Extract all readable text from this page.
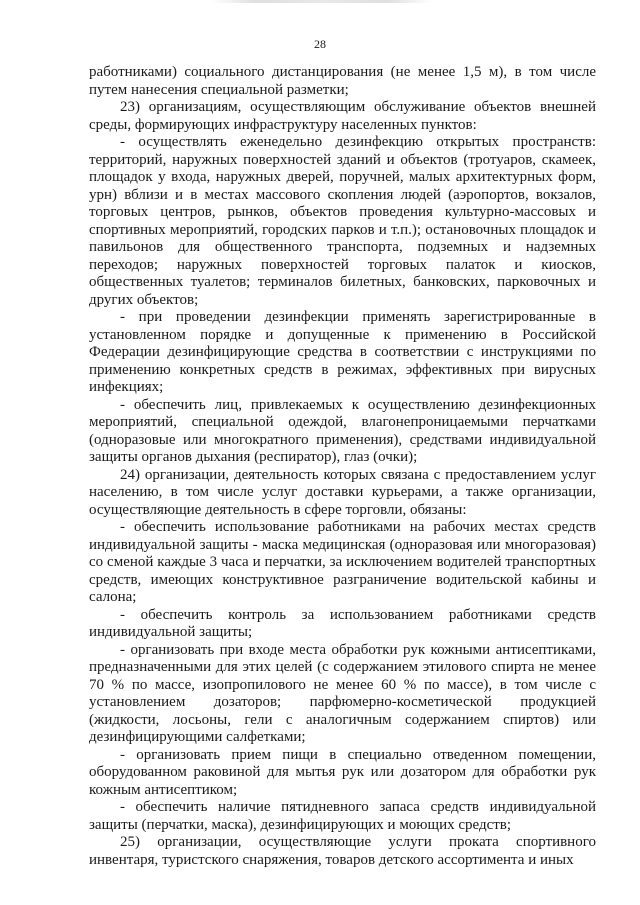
28

работниками) социального дистанцирования (не менее 1,5 м), в том числе путем нанесения специальной разметки;

23) организациям, осуществляющим обслуживание объектов внешней среды, формирующих инфраструктуру населенных пунктов:

- осуществлять еженедельно дезинфекцию открытых пространств: территорий, наружных поверхностей зданий и объектов (тротуаров, скамеек, площадок у входа, наружных дверей, поручней, малых архитектурных форм, урн) вблизи и в местах массового скопления людей (аэропортов, вокзалов, торговых центров, рынков, объектов проведения культурно-массовых и спортивных мероприятий, городских парков и т.п.); остановочных площадок и павильонов для общественного транспорта, подземных и надземных переходов; наружных поверхностей торговых палаток и киосков, общественных туалетов; терминалов билетных, банковских, парковочных и других объектов;

- при проведении дезинфекции применять зарегистрированные в установленном порядке и допущенные к применению в Российской Федерации дезинфицирующие средства в соответствии с инструкциями по применению конкретных средств в режимах, эффективных при вирусных инфекциях;

- обеспечить лиц, привлекаемых к осуществлению дезинфекционных мероприятий, специальной одеждой, влагонепроницаемыми перчатками (одноразовые или многократного применения), средствами индивидуальной защиты органов дыхания (респиратор), глаз (очки);

24) организации, деятельность которых связана с предоставлением услуг населению, в том числе услуг доставки курьерами, а также организации, осуществляющие деятельность в сфере торговли, обязаны:

- обеспечить использование работниками на рабочих местах средств индивидуальной защиты - маска медицинская (одноразовая или многоразовая) со сменой каждые 3 часа и перчатки, за исключением водителей транспортных средств, имеющих конструктивное разграничение водительской кабины и салона;

- обеспечить контроль за использованием работниками средств индивидуальной защиты;

- организовать при входе места обработки рук кожными антисептиками, предназначенными для этих целей (с содержанием этилового спирта не менее 70 % по массе, изопропилового не менее 60 % по массе), в том числе с установлением дозаторов; парфюмерно-косметической продукцией (жидкости, лосьоны, гели с аналогичным содержанием спиртов) или дезинфицирующими салфетками;

- организовать прием пищи в специально отведенном помещении, оборудованном раковиной для мытья рук или дозатором для обработки рук кожным антисептиком;

- обеспечить наличие пятидневного запаса средств индивидуальной защиты (перчатки, маска), дезинфицирующих и моющих средств;

25) организации, осуществляющие услуги проката спортивного инвентаря, туристского снаряжения, товаров детского ассортимента и иных
